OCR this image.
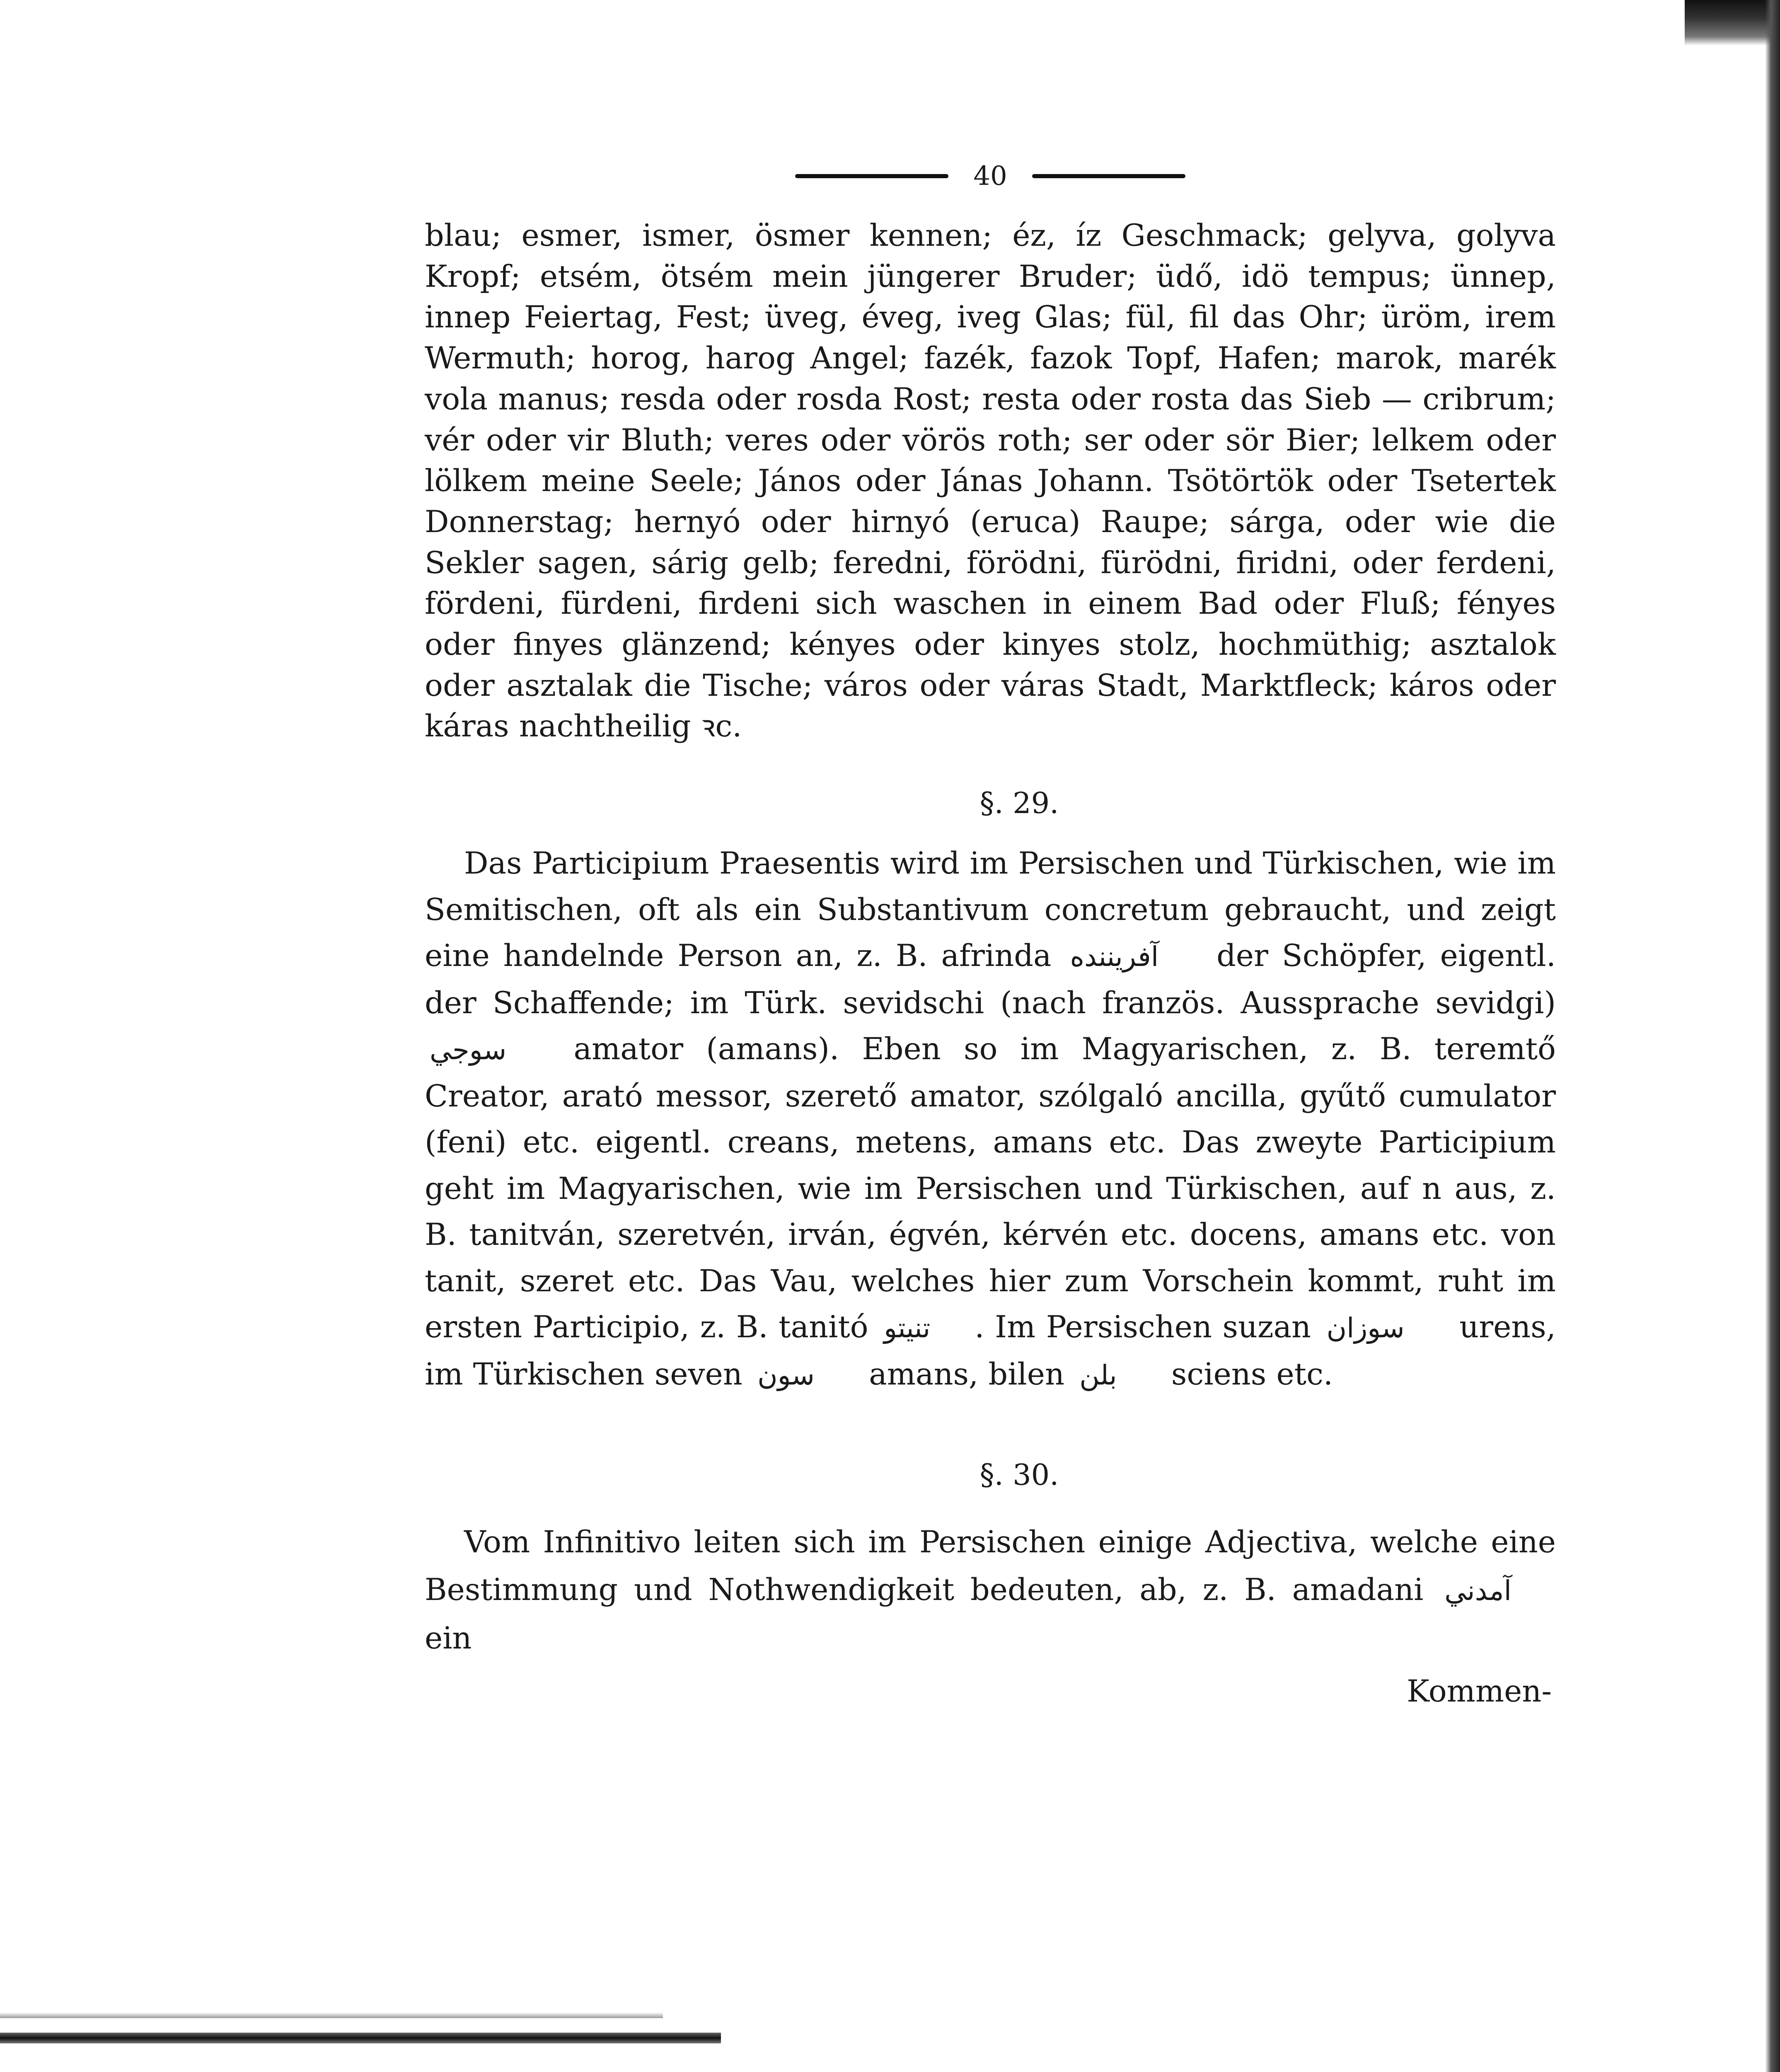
40

blau; esmer, ismer, ösmer kennen; éz, íz Geschmack; gelyva, golyva Kropf; etsém, ötsém mein jüngerer Bruder; üdő, idö tempus; ünnep, innep Feiertag, Fest; üveg, éveg, iveg Glas; fül, fil das Ohr; üröm, irem Wermuth; horog, harog Angel; fazék, fazok Topf, Hafen; marok, marék vola manus; resda oder rosda Rost; resta oder rosta das Sieb — cribrum; vér oder vir Bluth; veres oder vörös roth; ser oder sör Bier; lelkem oder lölkem meine Seele; János oder Jánas Johann. Tsötörtök oder Tsetertek Donnerstag; hernyó oder hirnyó (eruca) Raupe; sárga, oder wie die Sekler sagen, sárig gelb; feredni, förödni, fürödni, firidni, oder ferdeni, fördeni, fürdeni, firdeni sich waschen in einem Bad oder Fluß; fényes oder finyes glänzend; kényes oder kinyes stolz, hochmüthig; asztalok oder asztalak die Tische; város oder váras Stadt, Marktfleck; káros oder káras nachtheilig ꝛc.

§. 29.

Das Participium Praesentis wird im Persischen und Türkischen, wie im Semitischen, oft als ein Substantivum concretum gebraucht, und zeigt eine handelnde Person an, z. B. afrinda آفریننده der Schöpfer, eigentl. der Schaffende; im Türk. sevidschi (nach französ. Aussprache sevidgi) سوجي amator (amans). Eben so im Magyarischen, z. B. teremtő Creator, arató messor, szerető amator, szólgaló ancilla, gyűtő cumulator (feni) etc. eigentl. creans, metens, amans etc. Das zweyte Participium geht im Magyarischen, wie im Persischen und Türkischen, auf n aus, z. B. tanitván, szeretvén, irván, égvén, kérvén etc. docens, amans etc. von tanit, szeret etc. Das Vau, welches hier zum Vorschein kommt, ruht im ersten Participio, z. B. tanitó تنيتو . Im Persischen suzan سوزان urens, im Türkischen seven سون amans, bilen بلن sciens etc.

§. 30.

Vom Infinitivo leiten sich im Persischen einige Adjectiva, welche eine Bestimmung und Nothwendigkeit bedeuten, ab, z. B. amadani آمدني ein

Kommen-
